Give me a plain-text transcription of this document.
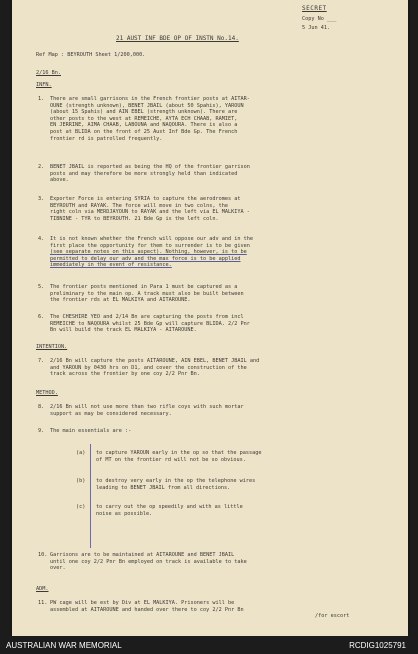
SECRET
Copy No ___
5 Jun 41.
21 AUST INF BDE OP OF INSTN No.14.
Ref Map : BEYROUTH Sheet 1/200,000.
2/16 Bn.
INFN.
1. There are small garrisons in the French frontier posts at AITAR-
OUNE (strength unknown), BENET JBAIL (about 50 Spahis), YAROUN
(about 15 Spahis) and AIN EBEL (strength unknown). There are
other posts to the west at REMEICHE, AYTA ECH CHAAB, RAMIET,
EN JERRINE, AIMA CHAAB, LABOUNA and NAQOURA. There is also a
post at BLIDA on the front of 25 Aust Inf Bde Gp. The French
frontier rd is patrolled frequently.
2. BENET JBAIL is reported as being the HQ of the frontier garrison
posts and may therefore be more strongly held than indicated
above.
3. Exporter Force is entering SYRIA to capture the aerodromes at
BEYROUTH and RAYAK. The force will move in two colns, the
right coln via MERDJAYOUN to RAYAK and the left via EL MALKIYA -
TIBNINE - TYR to BEYROUTH. 21 Bde Gp is the left coln.
4. It is not known whether the French will oppose our adv and in the
first place the opportunity for them to surrender is to be given
(see separate notes on this aspect). Nothing, however, is to be
permitted to delay our adv and the max force is to be applied
immediately in the event of resistance.
5. The frontier posts mentioned in Para 1 must be captured as a
preliminary to the main op. A track must also be built between
the frontier rds at EL MALKIYA and AITAROUNE.
6. The CHESHIRE YEO and 2/14 Bn are capturing the posts from incl
REMEICHE to NAQOURA whilst 25 Bde Gp will capture BLIDA. 2/2 Pnr
Bn will build the track EL MALKIYA - AITAROUNE.
INTENTION.
7. 2/16 Bn will capture the posts AITAROUNE, AIN EBEL, BENET JBAIL and
and YAROUN by 0430 hrs on D1, and cover the construction of the
track across the frontier by one coy 2/2 Pnr Bn.
METHOD.
8. 2/16 Bn will not use more than two rifle coys with such mortar
support as may be considered necessary.
9. The main essentials are :-
(a) to capture YAROUN early in the op so that the passage
of MT on the frontier rd will not be so obvious.
(b) to destroy very early in the op the telephone wires
leading to BENET JBAIL from all directions.
(c) to carry out the op speedily and with as little
noise as possible.
10. Garrisons are to be maintained at AITAROUNE and BENET JBAIL
until one coy 2/2 Pnr Bn employed on track is available to take
over.
ADM.
11. PW cage will be est by Div at EL MALKIYA. Prisoners will be
assembled at AITAROUNE and handed over there to coy 2/2 Pnr Bn
/for escort
AUSTRALIAN WAR MEMORIAL	RCDIG1025791
